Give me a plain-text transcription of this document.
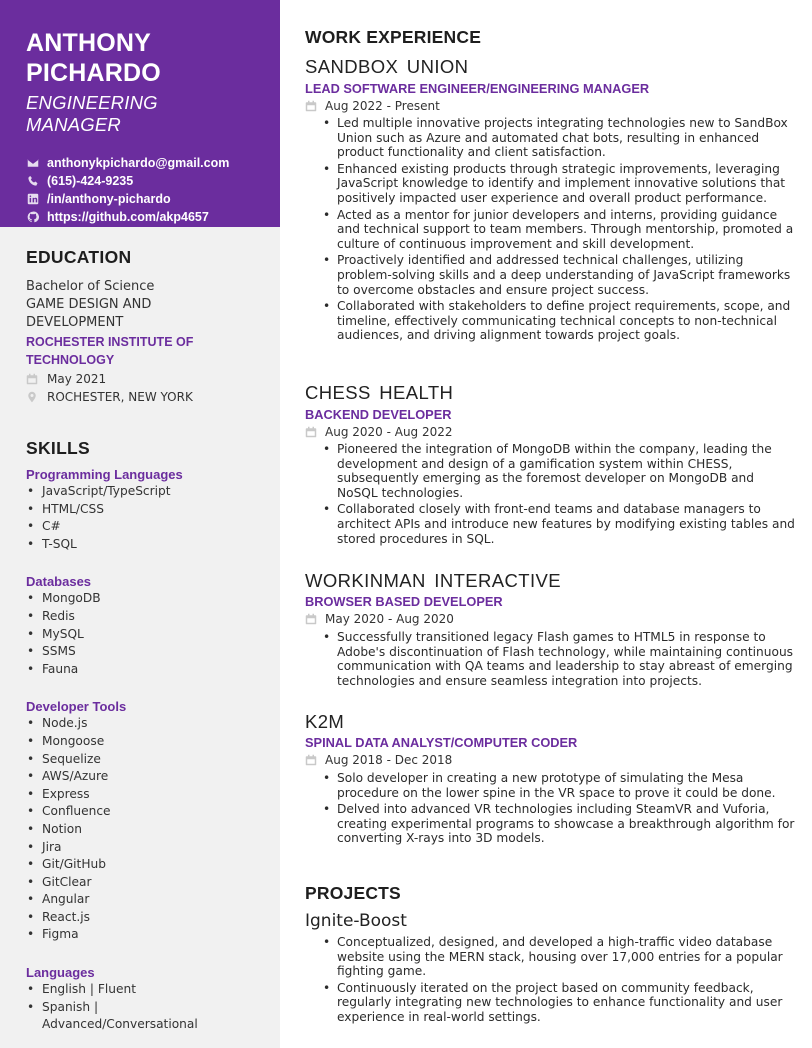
ANTHONY
PICHARDO
ENGINEERING MANAGER
anthonykpichardo@gmail.com
(615)-424-9235
/in/anthony-pichardo
https://github.com/akp4657
EDUCATION
Bachelor of Science
GAME DESIGN AND
DEVELOPMENT
ROCHESTER INSTITUTE OF
TECHNOLOGY
May 2021
ROCHESTER, NEW YORK
SKILLS
Programming Languages
• JavaScript/TypeScript
• HTML/CSS
• C#
• T-SQL
Databases
• MongoDB
• Redis
• MySQL
• SSMS
• Fauna
Developer Tools
• Node.js
• Mongoose
• Sequelize
• AWS/Azure
• Express
• Confluence
• Notion
• Jira
• Git/GitHub
• GitClear
• Angular
• React.js
• Figma
Languages
• English | Fluent
• Spanish | Advanced/Conversational
WORK EXPERIENCE
SANDBOX UNION
LEAD SOFTWARE ENGINEER/ENGINEERING MANAGER
Aug 2022 - Present
• Led multiple innovative projects integrating technologies new to SandBox Union such as Azure and automated chat bots, resulting in enhanced product functionality and client satisfaction.
• Enhanced existing products through strategic improvements, leveraging JavaScript knowledge to identify and implement innovative solutions that positively impacted user experience and overall product performance.
• Acted as a mentor for junior developers and interns, providing guidance and technical support to team members. Through mentorship, promoted a culture of continuous improvement and skill development.
• Proactively identified and addressed technical challenges, utilizing problem-solving skills and a deep understanding of JavaScript frameworks to overcome obstacles and ensure project success.
• Collaborated with stakeholders to define project requirements, scope, and timeline, effectively communicating technical concepts to non-technical audiences, and driving alignment towards project goals.
CHESS HEALTH
BACKEND DEVELOPER
Aug 2020 - Aug 2022
• Pioneered the integration of MongoDB within the company, leading the development and design of a gamification system within CHESS, subsequently emerging as the foremost developer on MongoDB and NoSQL technologies.
• Collaborated closely with front-end teams and database managers to architect APIs and introduce new features by modifying existing tables and stored procedures in SQL.
WORKINMAN INTERACTIVE
BROWSER BASED DEVELOPER
May 2020 - Aug 2020
• Successfully transitioned legacy Flash games to HTML5 in response to Adobe's discontinuation of Flash technology, while maintaining continuous communication with QA teams and leadership to stay abreast of emerging technologies and ensure seamless integration into projects.
K2M
SPINAL DATA ANALYST/COMPUTER CODER
Aug 2018 - Dec 2018
• Solo developer in creating a new prototype of simulating the Mesa procedure on the lower spine in the VR space to prove it could be done.
• Delved into advanced VR technologies including SteamVR and Vuforia, creating experimental programs to showcase a breakthrough algorithm for converting X-rays into 3D models.
PROJECTS
Ignite-Boost
• Conceptualized, designed, and developed a high-traffic video database website using the MERN stack, housing over 17,000 entries for a popular fighting game.
• Continuously iterated on the project based on community feedback, regularly integrating new technologies to enhance functionality and user experience in real-world settings.
